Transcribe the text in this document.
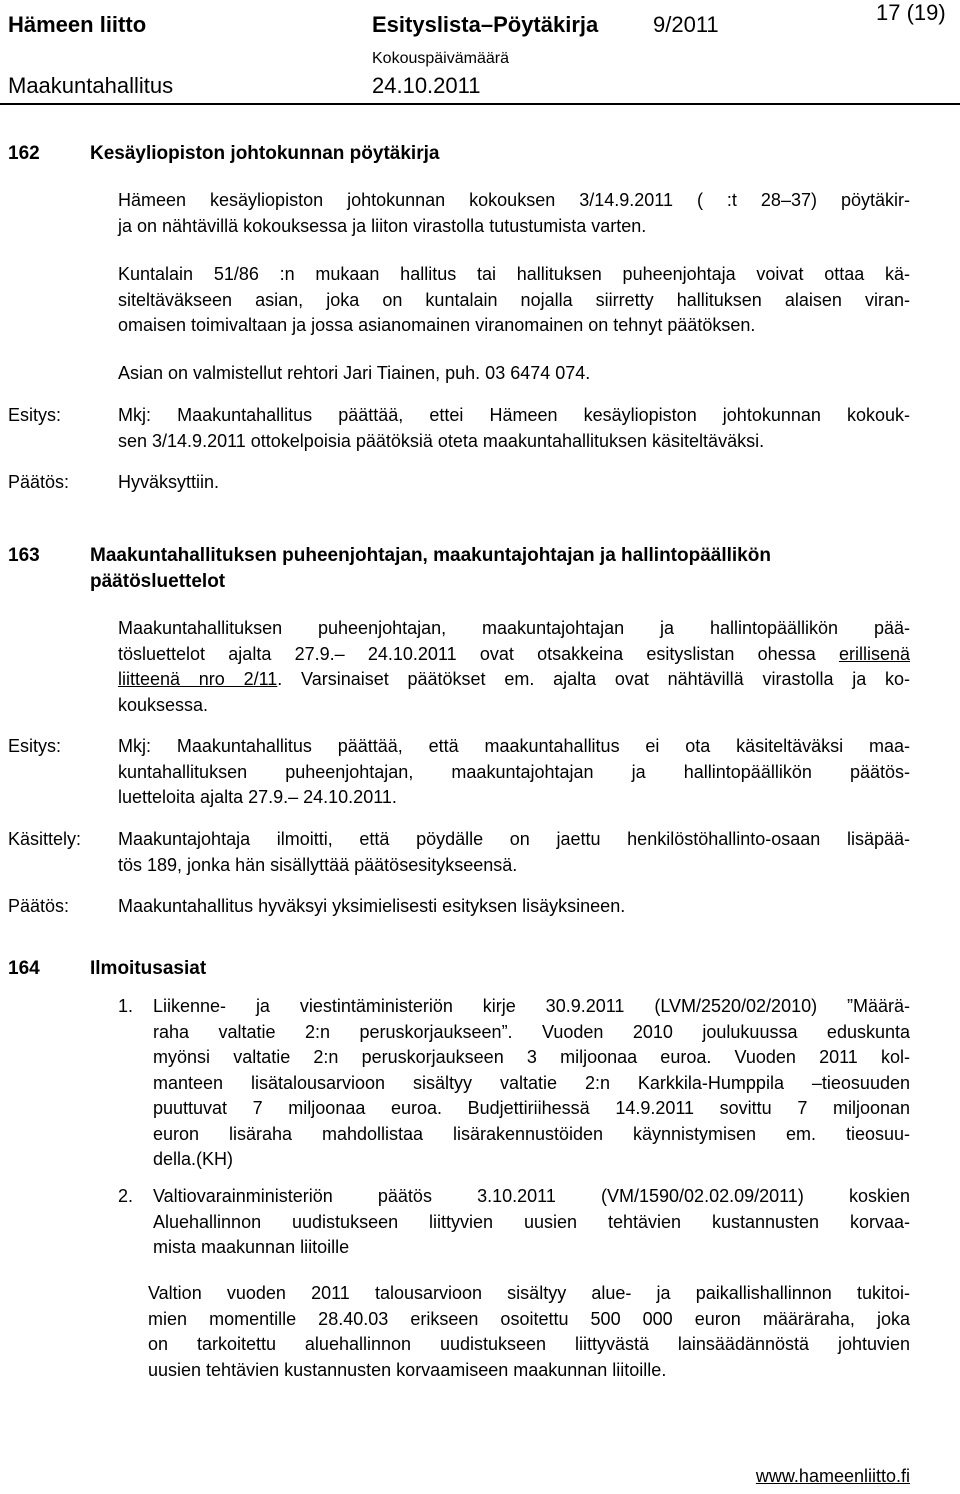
Hämeen liitto	Esityslista–Pöytäkirja 9/2011	17 (19)
Kokouspäivämäärä
Maakuntahallitus	24.10.2011
162
	Kesäyliopiston johtokunnan pöytäkirja
Hämeen kesäyliopiston johtokunnan kokouksen 3/14.9.2011 ( :t 28–37) pöytäkir-
ja on nähtävillä kokouksessa ja liiton virastolla tutustumista varten.
Kuntalain 51/86 :n mukaan hallitus tai hallituksen puheenjohtaja voivat ottaa kä-
siteltäväkseen asian, joka on kuntalain nojalla siirretty hallituksen alaisen viran-
omaisen toimivaltaan ja jossa asianomainen viranomainen on tehnyt päätöksen.
Asian on valmistellut rehtori Jari Tiainen, puh. 03 6474 074.
Esitys:	Mkj: Maakuntahallitus päättää, ettei Hämeen kesäyliopiston johtokunnan kokouk-
sen 3/14.9.2011 ottokelpoisia päätöksiä oteta maakuntahallituksen käsiteltäväksi.
Päätös:	Hyväksyttiin.
163
	Maakuntahallituksen puheenjohtajan, maakuntajohtajan ja hallintopäällikön
päätösluettelot
Maakuntahallituksen puheenjohtajan, maakuntajohtajan ja hallintopäällikön pää-
tösluettelot ajalta 27.9.– 24.10.2011 ovat otsakkeina esityslistan ohessa erillisenä
liitteenä nro 2/11. Varsinaiset päätökset em. ajalta ovat nähtävillä virastolla ja ko-
kouksessa.
Esitys:	Mkj: Maakuntahallitus päättää, että maakuntahallitus ei ota käsiteltäväksi maa-
kuntahallituksen puheenjohtajan, maakuntajohtajan ja hallintopäällikön päätös-
luetteloita ajalta 27.9.– 24.10.2011.
Käsittely: Maakuntajohtaja ilmoitti, että pöydälle on jaettu henkilöstöhallinto-osaan lisäpää-
tös 189, jonka hän sisällyttää päätösesitykseensä.
Päätös:	Maakuntahallitus hyväksyi yksimielisesti esityksen lisäyksineen.
164
	Ilmoitusasiat
1. Liikenne- ja viestintäministeriön kirje 30.9.2011 (LVM/2520/02/2010) ”Määrä-
raha valtatie 2:n peruskorjaukseen”. Vuoden 2010 joulukuussa eduskunta
myönsi valtatie 2:n peruskorjaukseen 3 miljoonaa euroa. Vuoden 2011 kol-
manteen lisätalousarvioon sisältyy valtatie 2:n Karkkila-Humppila –tieosuuden
puuttuvat 7 miljoonaa euroa. Budjettiriihessä 14.9.2011 sovittu 7 miljoonan
euron lisäraha mahdollistaa lisärakennustöiden käynnistymisen em. tieosuu-
della.(KH)
2. Valtiovarainministeriön päätös 3.10.2011 (VM/1590/02.02.09/2011) koskien
Aluehallinnon uudistukseen liittyvien uusien tehtävien kustannusten korvaa-
mista maakunnan liitoille
Valtion vuoden 2011 talousarvioon sisältyy alue- ja paikallishallinnon tukitoi-
mien momentille 28.40.03 erikseen osoitettu 500 000 euron määräraha, joka
on tarkoitettu aluehallinnon uudistukseen liittyvästä lainsäädännöstä johtuvien
uusien tehtävien kustannusten korvaamiseen maakunnan liitoille.
www.hameenliitto.fi
